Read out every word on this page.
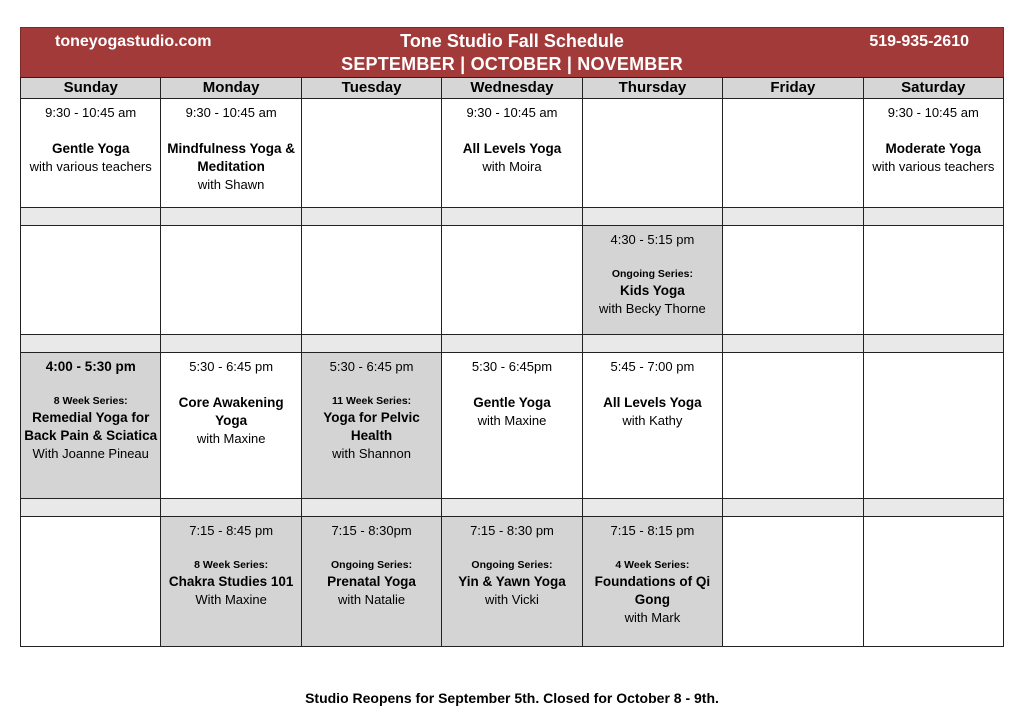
toneyogastudio.com	Tone Studio Fall Schedule
SEPTEMBER | OCTOBER | NOVEMBER
519-935-2610
Sunday	Monday	Tuesday	Wednesday	Thursday	Friday	Saturday

9:30 - 10:45 am
Gentle Yoga
with various teachers	9:30 - 10:45 am
Mindfulness Yoga & Meditation
with Shawn		9:30 - 10:45 am
All Levels Yoga
with Moira			9:30 - 10:45 am
Moderate Yoga
with various teachers

				4:30 - 5:15 pm
Ongoing Series:
Kids Yoga
with Becky Thorne		

4:00 - 5:30 pm
8 Week Series:
Remedial Yoga for Back Pain & Sciatica
With Joanne Pineau	5:30 - 6:45 pm
Core Awakening Yoga
with Maxine	5:30 - 6:45 pm
11 Week Series:
Yoga for Pelvic Health
with Shannon	5:30 - 6:45pm
Gentle Yoga
with Maxine	5:45 - 7:00 pm
All Levels Yoga
with Kathy		

	7:15 - 8:45 pm
8 Week Series:
Chakra Studies 101
With Maxine	7:15 - 8:30pm
Ongoing Series:
Prenatal Yoga
with Natalie	7:15 - 8:30 pm
Ongoing Series:
Yin & Yawn Yoga
with Vicki	7:15 - 8:15 pm
4 Week Series:
Foundations of Qi Gong
with Mark		

Studio Reopens for September 5th. Closed for October 8 - 9th.
